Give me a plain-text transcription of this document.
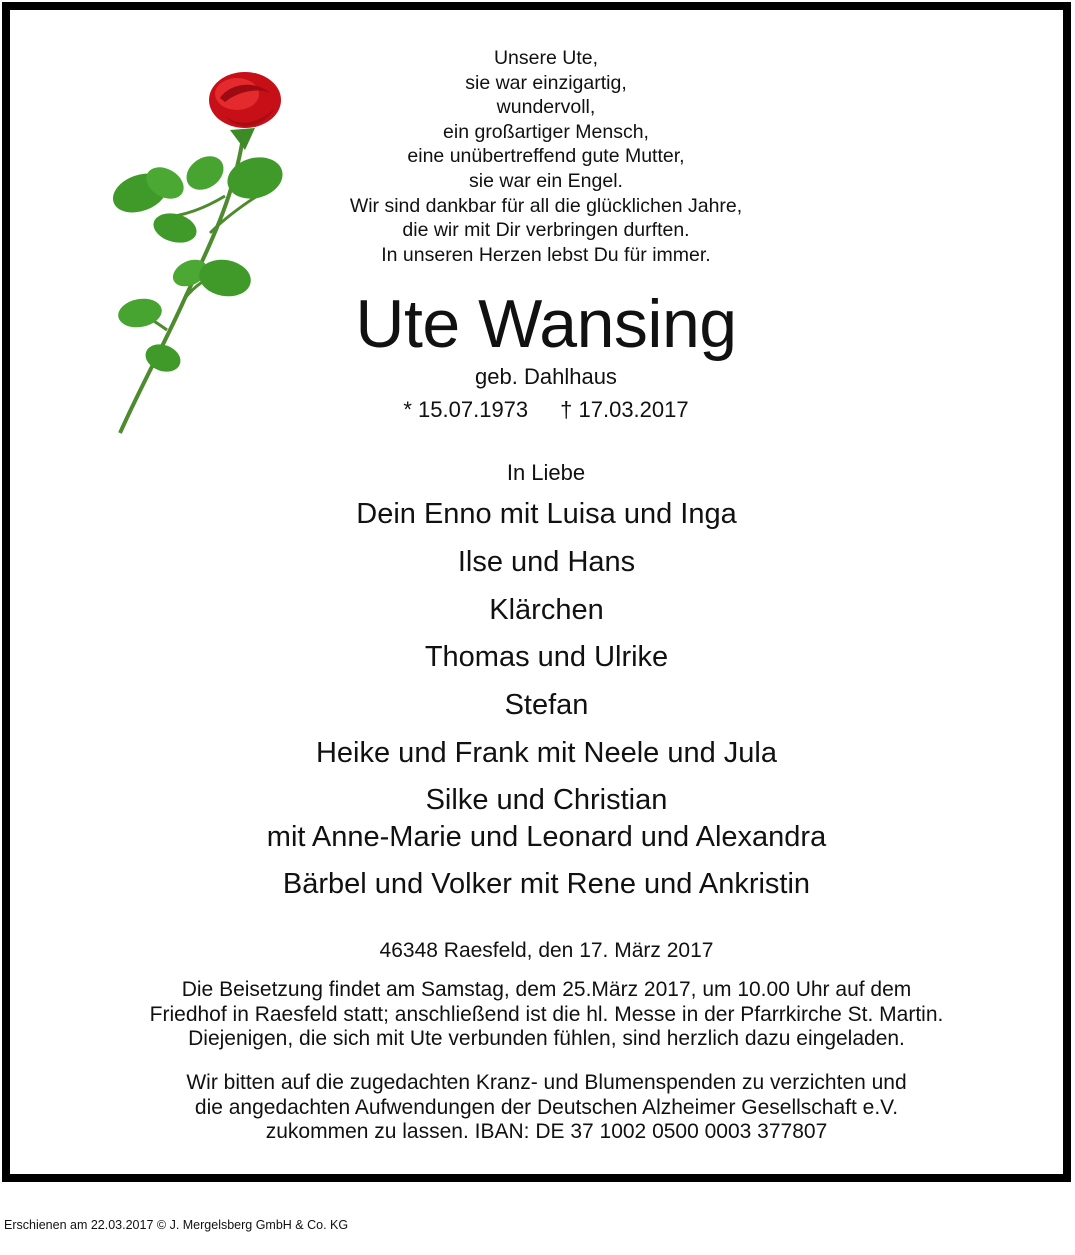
Unsere Ute,
sie war einzigartig,
wundervoll,
ein großartiger Mensch,
eine unübertreffend gute Mutter,
sie war ein Engel.
Wir sind dankbar für all die glücklichen Jahre,
die wir mit Dir verbringen durften.
In unseren Herzen lebst Du für immer.
Ute Wansing
geb. Dahlhaus
* 15.07.1973 † 17.03.2017
In Liebe
Dein Enno mit Luisa und Inga
Ilse und Hans
Klärchen
Thomas und Ulrike
Stefan
Heike und Frank mit Neele und Jula
Silke und Christian
mit Anne-Marie und Leonard und Alexandra
Bärbel und Volker mit Rene und Ankristin
46348 Raesfeld, den 17. März 2017
Die Beisetzung findet am Samstag, dem 25.März 2017, um 10.00 Uhr auf dem
Friedhof in Raesfeld statt; anschließend ist die hl. Messe in der Pfarrkirche St. Martin.
Diejenigen, die sich mit Ute verbunden fühlen, sind herzlich dazu eingeladen.
Wir bitten auf die zugedachten Kranz- und Blumenspenden zu verzichten und
die angedachten Aufwendungen der Deutschen Alzheimer Gesellschaft e.V.
zukommen zu lassen. IBAN: DE 37 1002 0500 0003 377807
Erschienen am 22.03.2017 © J. Mergelsberg GmbH & Co. KG
